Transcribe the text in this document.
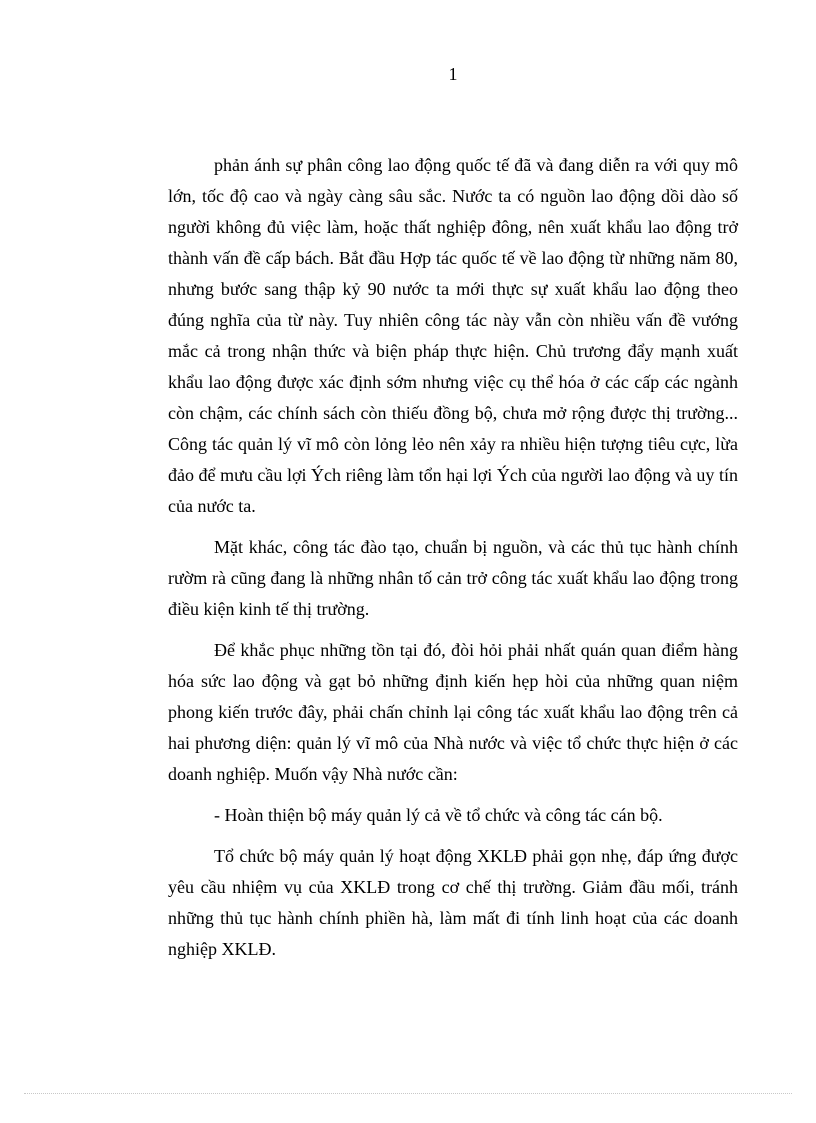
1

phản ánh sự phân công lao động quốc tế đã và đang diễn ra với quy mô lớn, tốc độ cao và ngày càng sâu sắc. Nước ta có nguồn lao động dồi dào số người không đủ việc làm, hoặc thất nghiệp đông, nên xuất khẩu lao động trở thành vấn đề cấp bách. Bắt đầu Hợp tác quốc tế về lao động từ những năm 80, nhưng bước sang thập kỷ 90 nước ta mới thực sự xuất khẩu lao động theo đúng nghĩa của từ này. Tuy nhiên công tác này vẫn còn nhiều vấn đề vướng mắc cả trong nhận thức và biện pháp thực hiện. Chủ trương đẩy mạnh xuất khẩu lao động được xác định sớm nhưng việc cụ thể hóa ở các cấp các ngành còn chậm, các chính sách còn thiếu đồng bộ, chưa mở rộng được thị trường... Công tác quản lý vĩ mô còn lỏng lẻo nên xảy ra nhiều hiện tượng tiêu cực, lừa đảo để mưu cầu lợi Ých riêng làm tổn hại lợi Ých của người lao động và uy tín của nước ta.

Mặt khác, công tác đào tạo, chuẩn bị nguồn, và các thủ tục hành chính rườm rà cũng đang là những nhân tố cản trở công tác xuất khẩu lao động trong điều kiện kinh tế thị trường.

Để khắc phục những tồn tại đó, đòi hỏi phải nhất quán quan điểm hàng hóa sức lao động và gạt bỏ những định kiến hẹp hòi của những quan niệm phong kiến trước đây, phải chấn chỉnh lại công tác xuất khẩu lao động trên cả hai phương diện: quản lý vĩ mô của Nhà nước và việc tổ chức thực hiện ở các doanh nghiệp. Muốn vậy Nhà nước cần:

- Hoàn thiện bộ máy quản lý cả về tổ chức và công tác cán bộ.

Tổ chức bộ máy quản lý hoạt động XKLĐ phải gọn nhẹ, đáp ứng được yêu cầu nhiệm vụ của XKLĐ trong cơ chế thị trường. Giảm đầu mối, tránh những thủ tục hành chính phiền hà, làm mất đi tính linh hoạt của các doanh nghiệp XKLĐ.
